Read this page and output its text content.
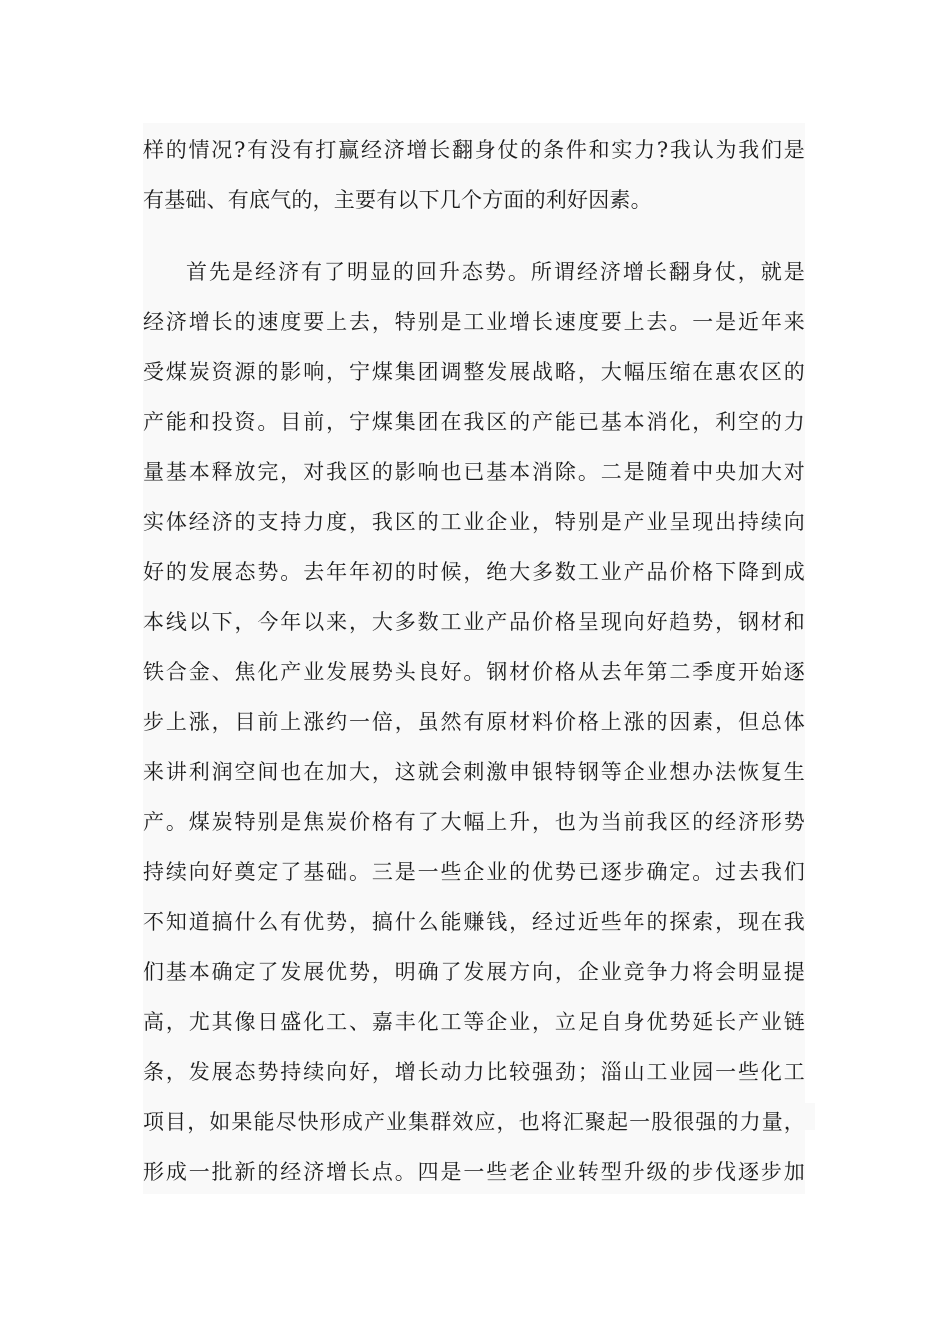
样的情况?有没有打赢经济增长翻身仗的条件和实力?我认为我们是
有基础、有底气的，主要有以下几个方面的利好因素。
首先是经济有了明显的回升态势。所谓经济增长翻身仗，就是
经济增长的速度要上去，特别是工业增长速度要上去。一是近年来
受煤炭资源的影响，宁煤集团调整发展战略，大幅压缩在惠农区的
产能和投资。目前，宁煤集团在我区的产能已基本消化，利空的力
量基本释放完，对我区的影响也已基本消除。二是随着中央加大对
实体经济的支持力度，我区的工业企业，特别是产业呈现出持续向
好的发展态势。去年年初的时候，绝大多数工业产品价格下降到成
本线以下，今年以来，大多数工业产品价格呈现向好趋势，钢材和
铁合金、焦化产业发展势头良好。钢材价格从去年第二季度开始逐
步上涨，目前上涨约一倍，虽然有原材料价格上涨的因素，但总体
来讲利润空间也在加大，这就会刺激申银特钢等企业想办法恢复生
产。煤炭特别是焦炭价格有了大幅上升，也为当前我区的经济形势
持续向好奠定了基础。三是一些企业的优势已逐步确定。过去我们
不知道搞什么有优势，搞什么能赚钱，经过近些年的探索，现在我
们基本确定了发展优势，明确了发展方向，企业竞争力将会明显提
高，尤其像日盛化工、嘉丰化工等企业，立足自身优势延长产业链
条，发展态势持续向好，增长动力比较强劲；淄山工业园一些化工
项目，如果能尽快形成产业集群效应，也将汇聚起一股很强的力量，
形成一批新的经济增长点。四是一些老企业转型升级的步伐逐步加
